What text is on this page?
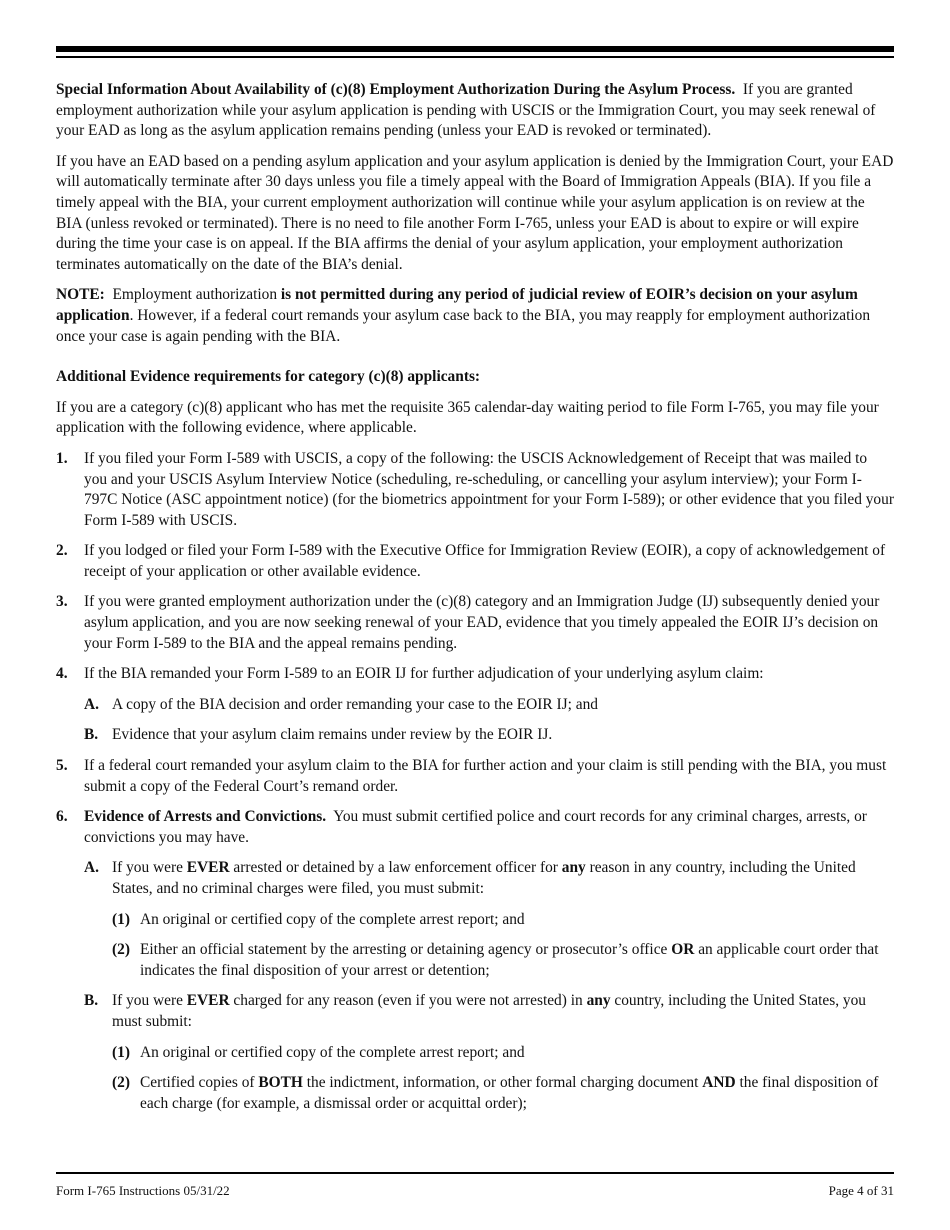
Special Information About Availability of (c)(8) Employment Authorization During the Asylum Process. If you are granted employment authorization while your asylum application is pending with USCIS or the Immigration Court, you may seek renewal of your EAD as long as the asylum application remains pending (unless your EAD is revoked or terminated).

If you have an EAD based on a pending asylum application and your asylum application is denied by the Immigration Court, your EAD will automatically terminate after 30 days unless you file a timely appeal with the Board of Immigration Appeals (BIA). If you file a timely appeal with the BIA, your current employment authorization will continue while your asylum application is on review at the BIA (unless revoked or terminated). There is no need to file another Form I-765, unless your EAD is about to expire or will expire during the time your case is on appeal. If the BIA affirms the denial of your asylum application, your employment authorization terminates automatically on the date of the BIA’s denial.

NOTE: Employment authorization is not permitted during any period of judicial review of EOIR’s decision on your asylum application. However, if a federal court remands your asylum case back to the BIA, you may reapply for employment authorization once your case is again pending with the BIA.

Additional Evidence requirements for category (c)(8) applicants:

If you are a category (c)(8) applicant who has met the requisite 365 calendar-day waiting period to file Form I-765, you may file your application with the following evidence, where applicable.

1. If you filed your Form I-589 with USCIS, a copy of the following: the USCIS Acknowledgement of Receipt that was mailed to you and your USCIS Asylum Interview Notice (scheduling, re-scheduling, or cancelling your asylum interview); your Form I-797C Notice (ASC appointment notice) (for the biometrics appointment for your Form I-589); or other evidence that you filed your Form I-589 with USCIS.
2. If you lodged or filed your Form I-589 with the Executive Office for Immigration Review (EOIR), a copy of acknowledgement of receipt of your application or other available evidence.
3. If you were granted employment authorization under the (c)(8) category and an Immigration Judge (IJ) subsequently denied your asylum application, and you are now seeking renewal of your EAD, evidence that you timely appealed the EOIR IJ’s decision on your Form I-589 to the BIA and the appeal remains pending.
4. If the BIA remanded your Form I-589 to an EOIR IJ for further adjudication of your underlying asylum claim:
A. A copy of the BIA decision and order remanding your case to the EOIR IJ; and
B. Evidence that your asylum claim remains under review by the EOIR IJ.
5. If a federal court remanded your asylum claim to the BIA for further action and your claim is still pending with the BIA, you must submit a copy of the Federal Court’s remand order.
6. Evidence of Arrests and Convictions. You must submit certified police and court records for any criminal charges, arrests, or convictions you may have.
A. If you were EVER arrested or detained by a law enforcement officer for any reason in any country, including the United States, and no criminal charges were filed, you must submit:
(1) An original or certified copy of the complete arrest report; and
(2) Either an official statement by the arresting or detaining agency or prosecutor’s office OR an applicable court order that indicates the final disposition of your arrest or detention;
B. If you were EVER charged for any reason (even if you were not arrested) in any country, including the United States, you must submit:
(1) An original or certified copy of the complete arrest report; and
(2) Certified copies of BOTH the indictment, information, or other formal charging document AND the final disposition of each charge (for example, a dismissal order or acquittal order);
Form I-765 Instructions 05/31/22	Page 4 of 31
